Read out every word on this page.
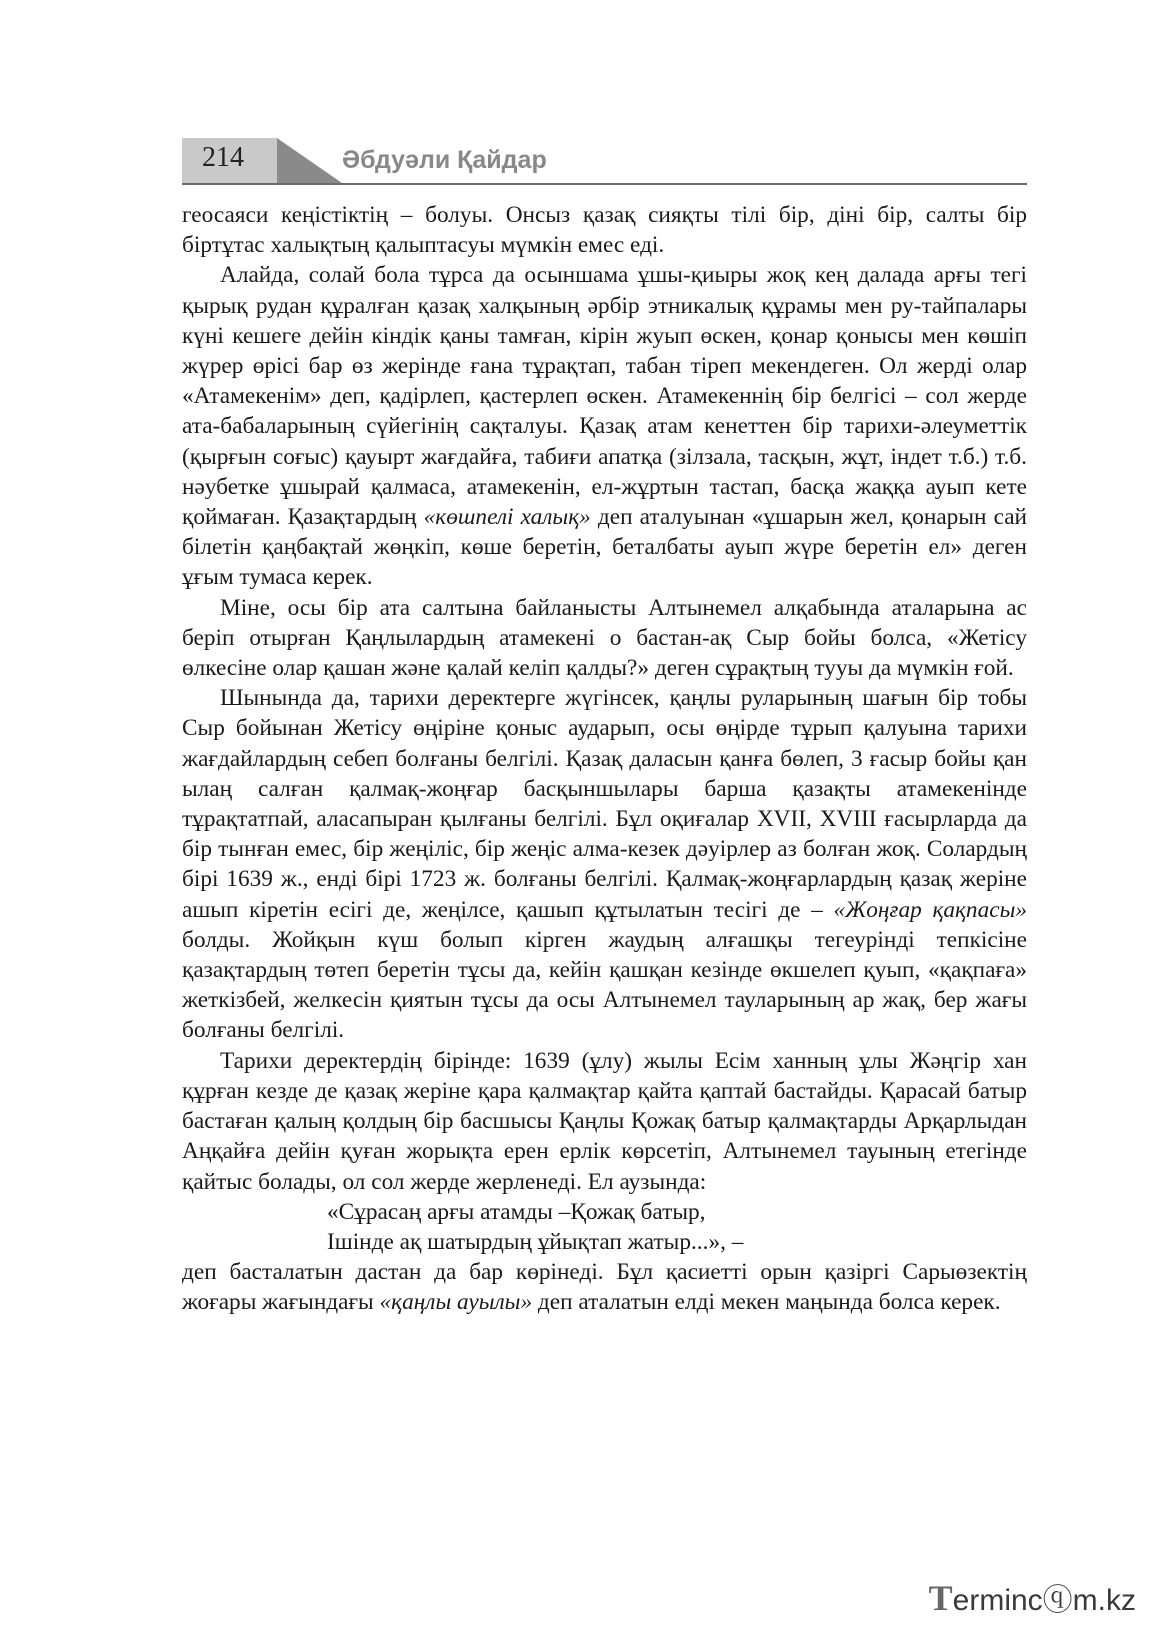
214	Әбдуәли Қайдар

геосаяси кеңістіктің – болуы. Онсыз қазақ сияқты тілі бір, діні бір, салты бір біртұтас халықтың қалыптасуы мүмкін емес еді.

Алайда, солай бола тұрса да осыншама ұшы-қиыры жоқ кең далада арғы тегі қырық рудан құралған қазақ халқының әрбір этникалық құрамы мен ру-тайпалары күні кешеге дейін кіндік қаны тамған, кірін жуып өскен, қонар қонысы мен көшіп жүрер өрісі бар өз жерінде ғана тұрақтап, табан тіреп мекендеген. Ол жерді олар «Атамекенім» деп, қадірлеп, қастерлеп өскен. Атамекеннің бір белгісі – сол жерде ата-бабаларының сүйегінің сақталуы. Қазақ атам кенеттен бір тарихи-әлеуметтік (қырғын соғыс) қауырт жағдайға, табиғи апатқа (зілзала, тасқын, жұт, індет т.б.) т.б. нәубетке ұшырай қалмаса, атамекенін, ел-жұртын тастап, басқа жаққа ауып кете қоймаған. Қазақтардың «көшпелі халық» деп аталуынан «ұшарын жел, қонарын сай білетін қаңбақтай жөңкіп, көше беретін, беталбаты ауып жүре беретін ел» деген ұғым тумаса керек.

Міне, осы бір ата салтына байланысты Алтынемел алқабында аталарына ас беріп отырған Қаңлылардың атамекені о бастан-ақ Сыр бойы болса, «Жетісу өлкесіне олар қашан және қалай келіп қалды?» деген сұрақтың тууы да мүмкін ғой.

Шынында да, тарихи деректерге жүгінсек, қаңлы руларының шағын бір тобы Сыр бойынан Жетісу өңіріне қоныс аударып, осы өңірде тұрып қалуына тарихи жағдайлардың себеп болғаны белгілі. Қазақ даласын қанға бөлеп, 3 ғасыр бойы қан ылаң салған қалмақ-жоңғар басқыншылары барша қазақты атамекенінде тұрақтатпай, аласапыран қылғаны белгілі. Бұл оқиғалар XVII, XVIII ғасырларда да бір тынған емес, бір жеңіліс, бір жеңіс алма-кезек дәуірлер аз болған жоқ. Солардың бірі 1639 ж., енді бірі 1723 ж. болғаны белгілі. Қалмақ-жоңғарлардың қазақ жеріне ашып кіретін есігі де, жеңілсе, қашып құтылатын тесігі де – «Жоңғар қақпасы» болды. Жойқын күш болып кірген жаудың алғашқы тегеурінді тепкісіне қазақтардың төтеп беретін тұсы да, кейін қашқан кезінде өкшелеп қуып, «қақпаға» жеткізбей, желкесін қиятын тұсы да осы Алтынемел тауларының ар жақ, бер жағы болғаны белгілі.

Тарихи деректердің бірінде: 1639 (ұлу) жылы Есім ханның ұлы Жәңгір хан құрған кезде де қазақ жеріне қара қалмақтар қайта қаптай бастайды. Қарасай батыр бастаған қалың қолдың бір басшысы Қаңлы Қожақ батыр қалмақтарды Арқарлыдан Аңқайға дейін қуған жорықта ерен ерлік көрсетіп, Алтынемел тауының етегінде қайтыс болады, ол сол жерде жерленеді. Ел аузында:

«Сұрасаң арғы атамды –Қожақ батыр,

Ішінде ақ шатырдың ұйықтап жатыр...», –

деп басталатын дастан да бар көрінеді. Бұл қасиетті орын қазіргі Сарыөзектің жоғары жағындағы «қаңлы ауылы» деп аталатын елді мекен маңында болса керек.

Termincⓠm.kz
